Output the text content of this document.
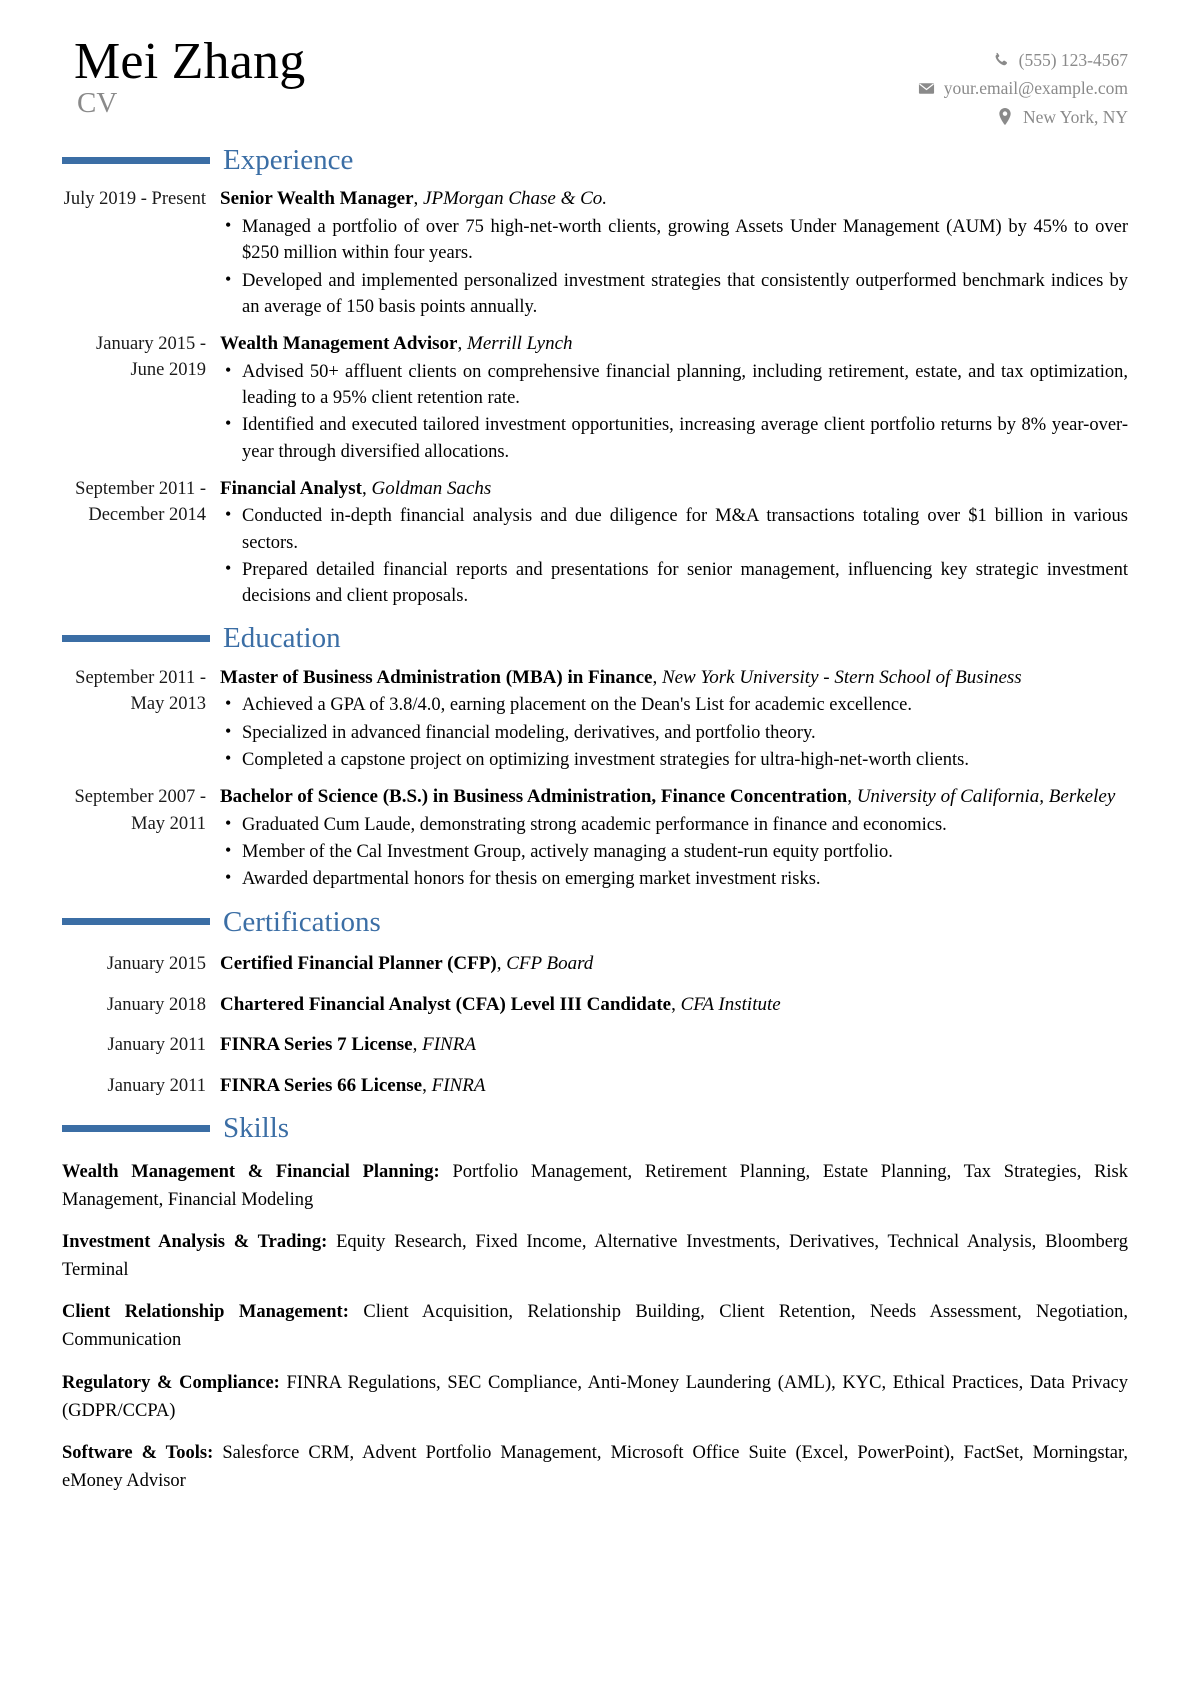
Mei Zhang
CV
(555) 123-4567
your.email@example.com
New York, NY
Experience
July 2019 - Present Senior Wealth Manager, JPMorgan Chase & Co.
• Managed a portfolio of over 75 high-net-worth clients, growing Assets Under Management (AUM) by 45% to over $250 million within four years.
• Developed and implemented personalized investment strategies that consistently outperformed benchmark indices by an average of 150 basis points annually.
January 2015 - June 2019
Wealth Management Advisor, Merrill Lynch
• Advised 50+ affluent clients on comprehensive financial planning, including retirement, estate, and tax optimization, leading to a 95% client retention rate.
• Identified and executed tailored investment opportunities, increasing average client portfolio returns by 8% year-over-year through diversified allocations.
September 2011 - December 2014
Financial Analyst, Goldman Sachs
• Conducted in-depth financial analysis and due diligence for M&A transactions totaling over $1 billion in various sectors.
• Prepared detailed financial reports and presentations for senior management, influencing key strategic investment decisions and client proposals.
Education
September 2011 - May 2013
Master of Business Administration (MBA) in Finance, New York University - Stern School of Business
• Achieved a GPA of 3.8/4.0, earning placement on the Dean's List for academic excellence.
• Specialized in advanced financial modeling, derivatives, and portfolio theory.
• Completed a capstone project on optimizing investment strategies for ultra-high-net-worth clients.
September 2007 - May 2011
Bachelor of Science (B.S.) in Business Administration, Finance Concentration, University of California, Berkeley
• Graduated Cum Laude, demonstrating strong academic performance in finance and economics.
• Member of the Cal Investment Group, actively managing a student-run equity portfolio.
• Awarded departmental honors for thesis on emerging market investment risks.
Certifications
January 2015 Certified Financial Planner (CFP), CFP Board
January 2018 Chartered Financial Analyst (CFA) Level III Candidate, CFA Institute
January 2011 FINRA Series 7 License, FINRA
January 2011 FINRA Series 66 License, FINRA
Skills
Wealth Management & Financial Planning: Portfolio Management, Retirement Planning, Estate Planning, Tax Strategies, Risk Management, Financial Modeling
Investment Analysis & Trading: Equity Research, Fixed Income, Alternative Investments, Derivatives, Technical Analysis, Bloomberg Terminal
Client Relationship Management: Client Acquisition, Relationship Building, Client Retention, Needs Assessment, Negotiation, Communication
Regulatory & Compliance: FINRA Regulations, SEC Compliance, Anti-Money Laundering (AML), KYC, Ethical Practices, Data Privacy (GDPR/CCPA)
Software & Tools: Salesforce CRM, Advent Portfolio Management, Microsoft Office Suite (Excel, PowerPoint), FactSet, Morningstar, eMoney Advisor
